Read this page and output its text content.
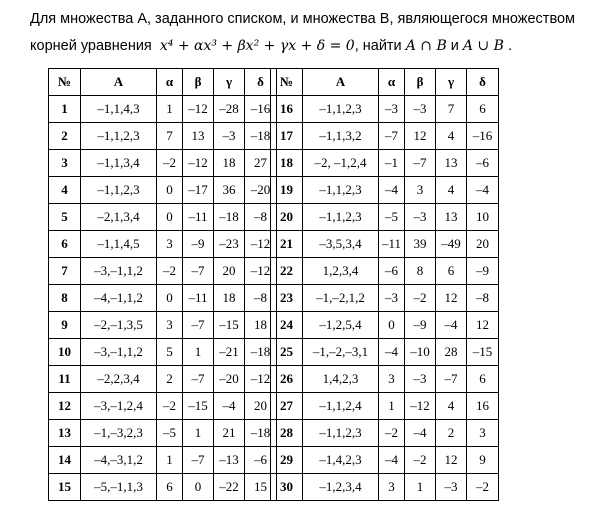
Для множества А, заданного списком, и множества В, являющегося множеством
корней уравнения x⁴ + αx³ + βx² + γx + δ = 0, найти A ∩ B и A ∪ B .
№	A	α	β	γ	δ
1	–1,1,4,3	1	–12	–28	–16
2	–1,1,2,3	7	13	–3	–18
3	–1,1,3,4	–2	–12	18	27
4	–1,1,2,3	0	–17	36	–20
5	–2,1,3,4	0	–11	–18	–8
6	–1,1,4,5	3	–9	–23	–12
7	–3,–1,1,2	–2	–7	20	–12
8	–4,–1,1,2	0	–11	18	–8
9	–2,–1,3,5	3	–7	–15	18
10	–3,–1,1,2	5	1	–21	–18
11	–2,2,3,4	2	–7	–20	–12
12	–3,–1,2,4	–2	–15	–4	20
13	–1,–3,2,3	–5	1	21	–18
14	–4,–3,1,2	1	–7	–13	–6
15	–5,–1,1,3	6	0	–22	15
№	A	α	β	γ	δ
16	–1,1,2,3	–3	–3	7	6
17	–1,1,3,2	–7	12	4	–16
18	–2, –1,2,4	–1	–7	13	–6
19	–1,1,2,3	–4	3	4	–4
20	–1,1,2,3	–5	–3	13	10
21	–3,5,3,4	–11	39	–49	20
22	1,2,3,4	–6	8	6	–9
23	–1,–2,1,2	–3	–2	12	–8
24	–1,2,5,4	0	–9	–4	12
25	–1,–2,–3,1	–4	–10	28	–15
26	1,4,2,3	3	–3	–7	6
27	–1,1,2,4	1	–12	4	16
28	–1,1,2,3	–2	–4	2	3
29	–1,4,2,3	–4	–2	12	9
30	–1,2,3,4	3	1	–3	–2
